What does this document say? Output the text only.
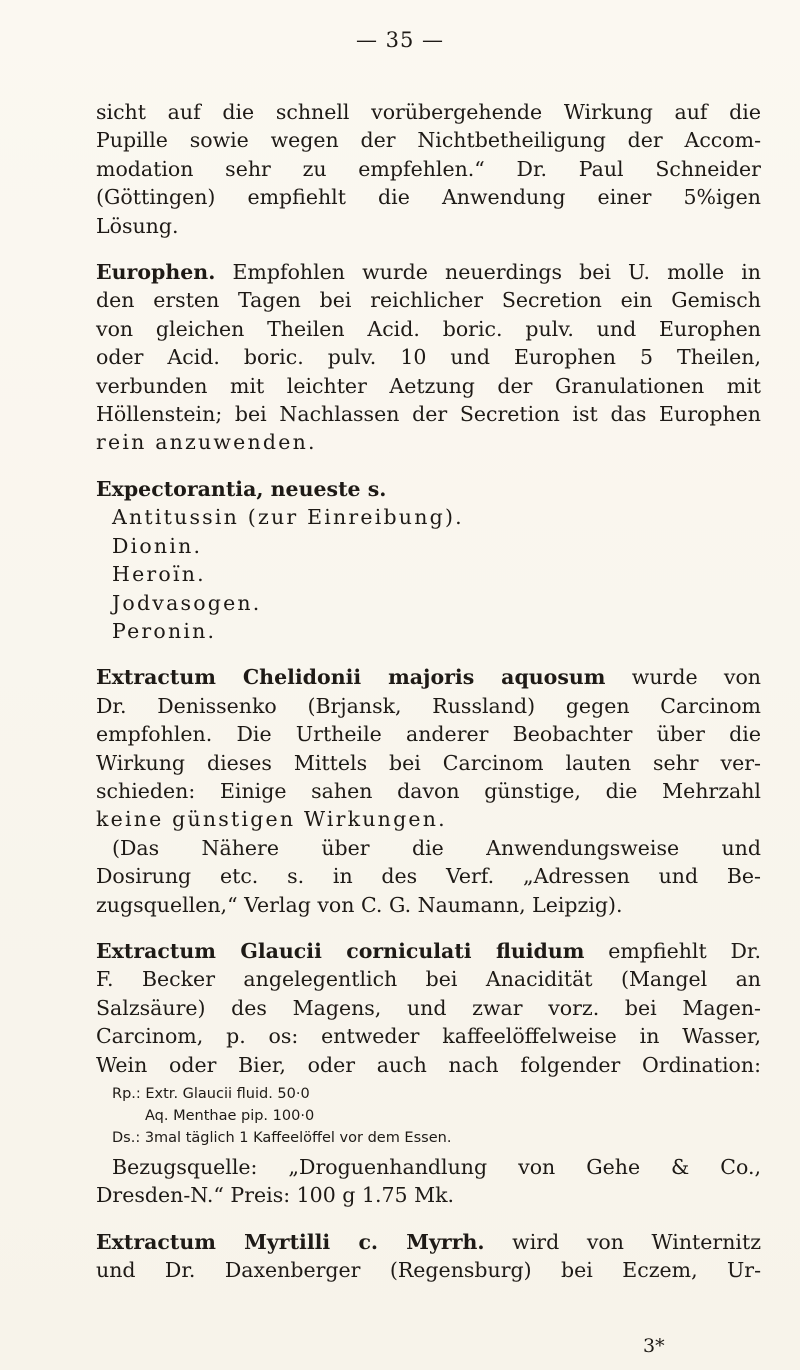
— 35 —
sicht auf die schnell vorübergehende Wirkung auf die
Pupille sowie wegen der Nichtbetheiligung der Accom-
modation sehr zu empfehlen.“ Dr. Paul Schneider
(Göttingen) empfiehlt die Anwendung einer 5%igen
Lösung.
Europhen. Empfohlen wurde neuerdings bei U. molle in
den ersten Tagen bei reichlicher Secretion ein Gemisch
von gleichen Theilen Acid. boric. pulv. und Europhen
oder Acid. boric. pulv. 10 und Europhen 5 Theilen,
verbunden mit leichter Aetzung der Granulationen mit
Höllenstein; bei Nachlassen der Secretion ist das Europhen
rein anzuwenden.
Expectorantia, neueste s.
Antitussin (zur Einreibung).
Dionin.
Heroïn.
Jodvasogen.
Peronin.
Extractum Chelidonii majoris aquosum wurde von
Dr. Denissenko (Brjansk, Russland) gegen Carcinom
empfohlen. Die Urtheile anderer Beobachter über die
Wirkung dieses Mittels bei Carcinom lauten sehr ver-
schieden: Einige sahen davon günstige, die Mehrzahl
keine günstigen Wirkungen.
(Das Nähere über die Anwendungsweise und
Dosirung etc. s. in des Verf. „Adressen und Be-
zugsquellen,“ Verlag von C. G. Naumann, Leipzig).
Extractum Glaucii corniculati fluidum empfiehlt Dr.
F. Becker angelegentlich bei Anacidität (Mangel an
Salzsäure) des Magens, und zwar vorz. bei Magen-
Carcinom, p. os: entweder kaffeelöffelweise in Wasser,
Wein oder Bier, oder auch nach folgender Ordination:
Rp.: Extr. Glaucii fluid. 50·0
Aq. Menthae pip. 100·0
Ds.: 3mal täglich 1 Kaffeelöffel vor dem Essen.
Bezugsquelle: „Droguenhandlung von Gehe & Co.,
Dresden-N.“ Preis: 100 g 1.75 Mk.
Extractum Myrtilli c. Myrrh. wird von Winternitz
und Dr. Daxenberger (Regensburg) bei Eczem, Ur-
3*
